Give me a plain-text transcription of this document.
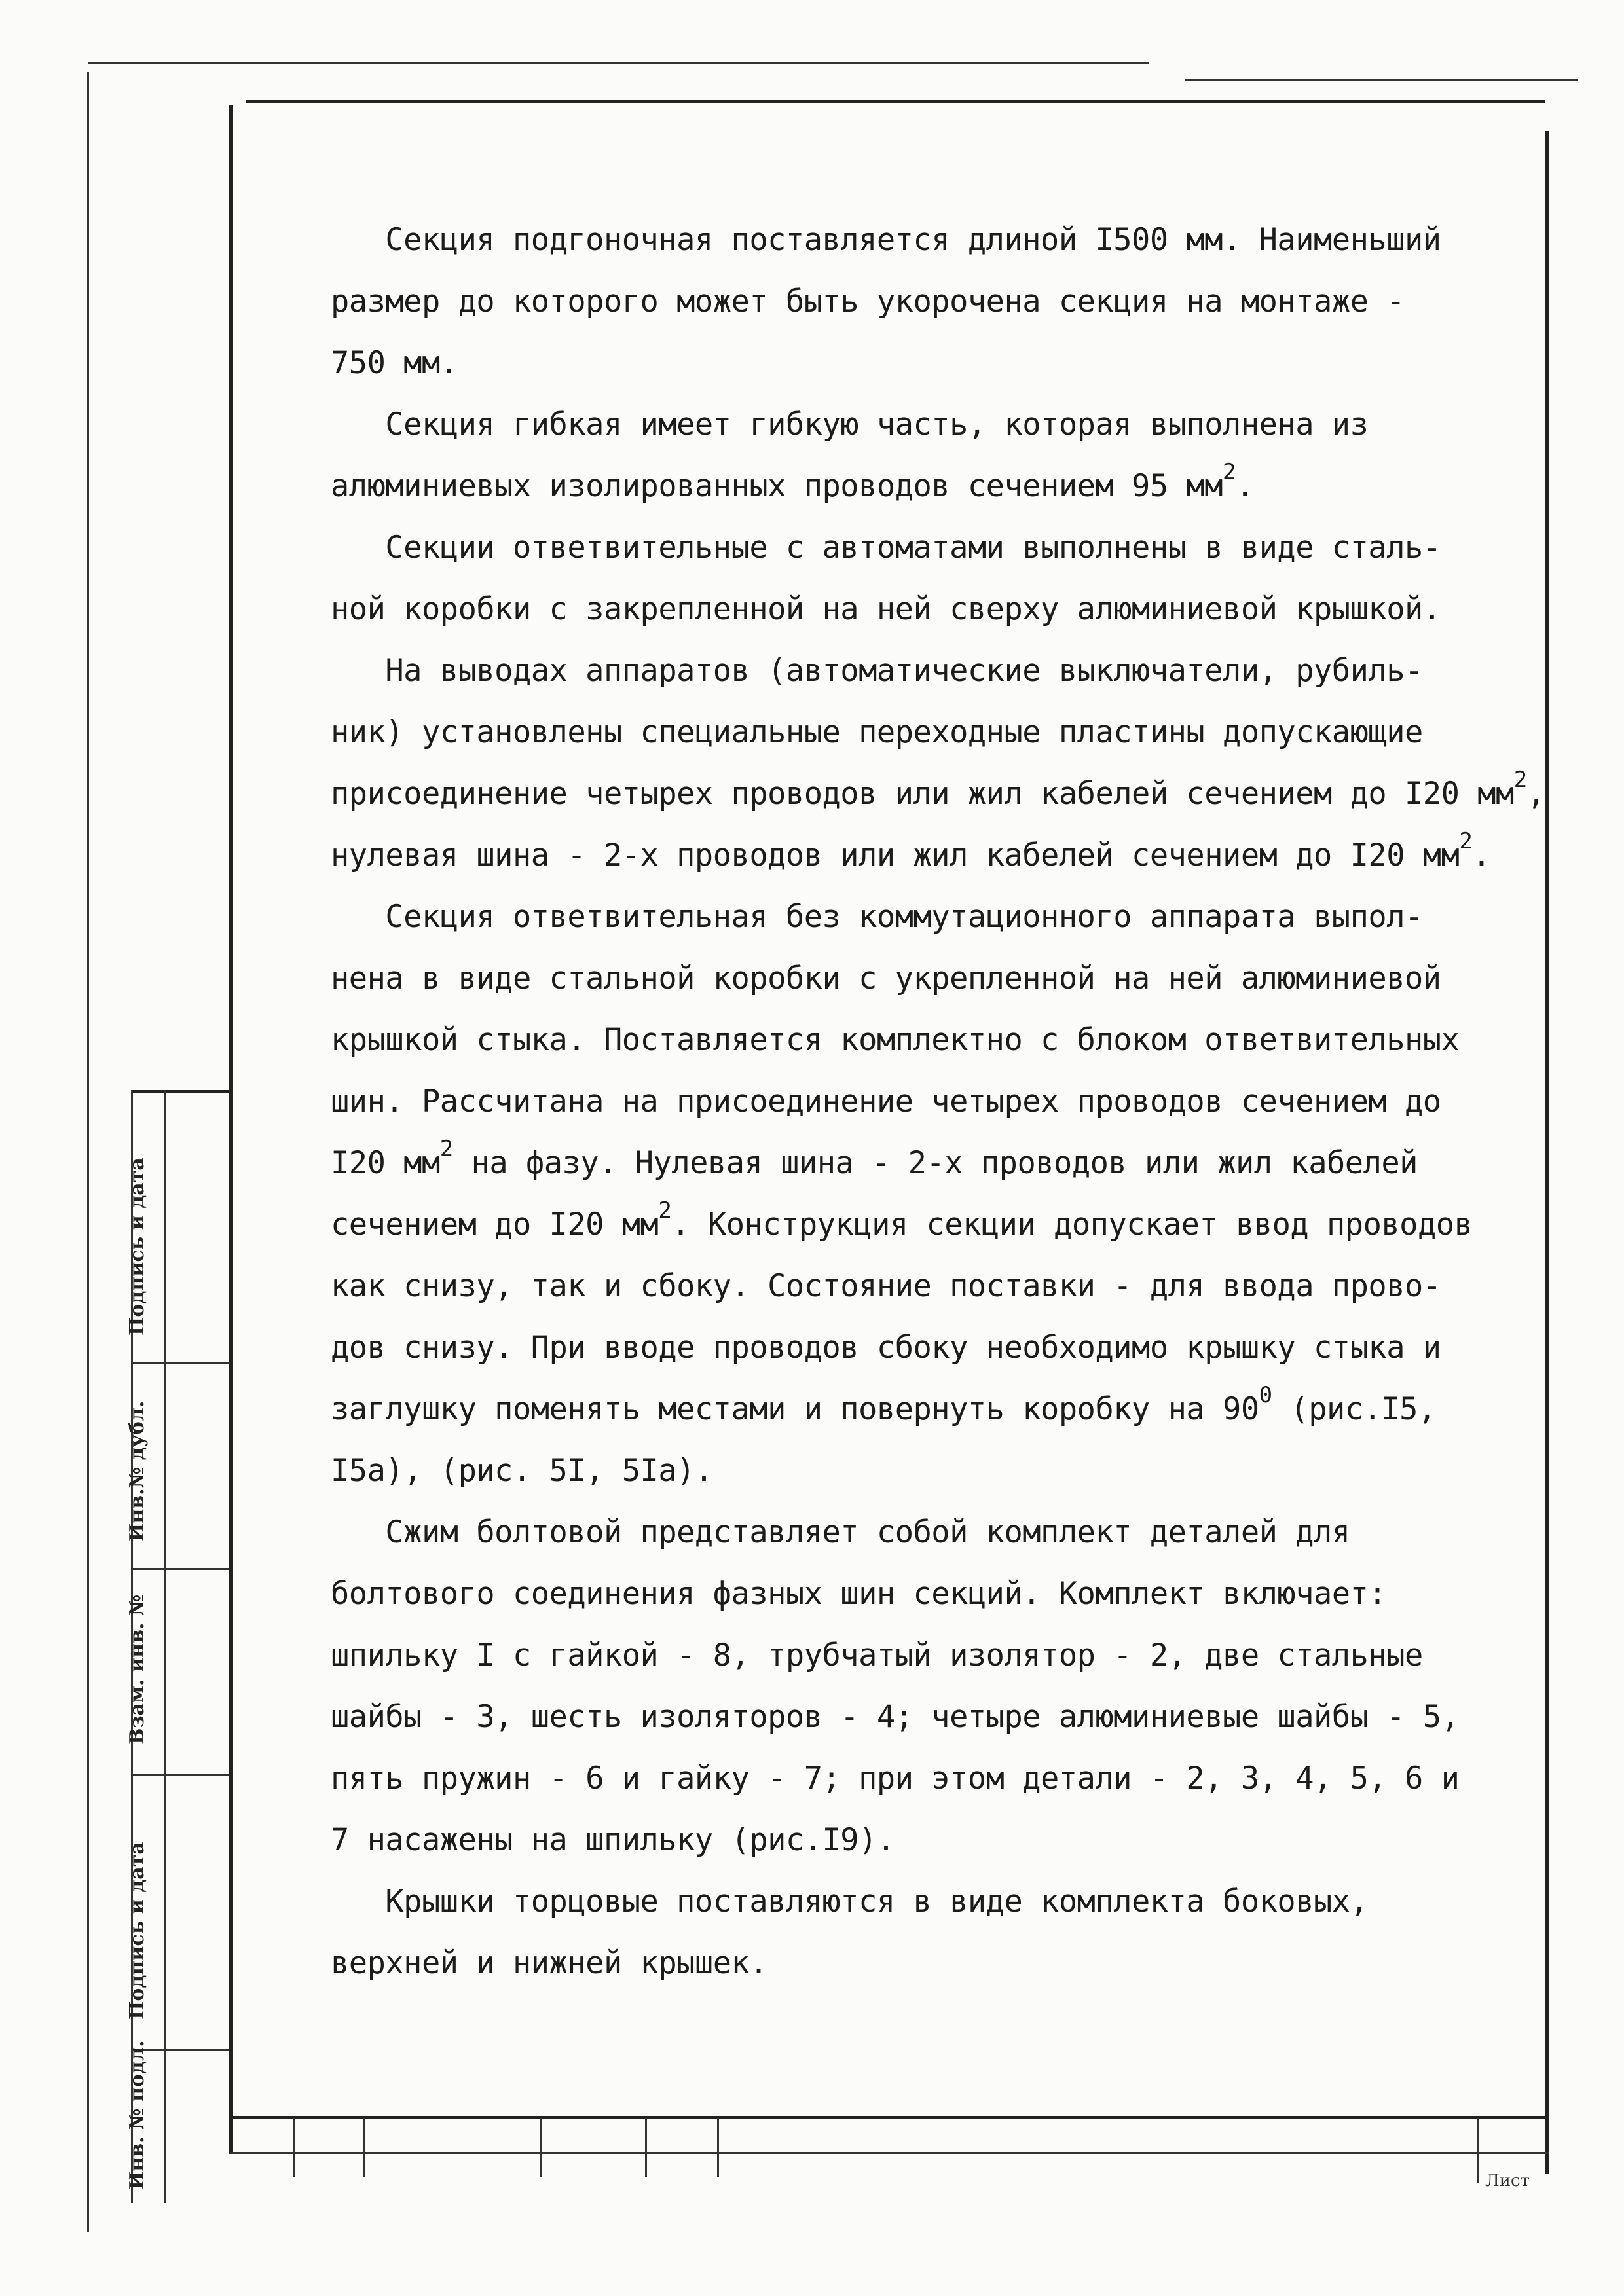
Подпись и дата
Инв.№ дубл.
Взам. инв. №
Подпись и дата
Инв. № подл.	Лист
Секция подгоночная поставляется длиной I500 мм. Наименьший
размер до которого может быть укорочена секция на монтаже -
750 мм.
Секция гибкая имеет гибкую часть, которая выполнена из
алюминиевых изолированных проводов сечением 95 $мм^2$.
Секции ответвительные с автоматами выполнены в виде сталь-
ной коробки с закрепленной на ней сверху алюминиевой крышкой.
На выводах аппаратов (автоматические выключатели, рубиль-
ник) установлены специальные переходные пластины допускающие
присоединение четырех проводов или жил кабелей сечением до I20 $мм^2$,
нулевая шина - 2-х проводов или жил кабелей сечением до I20 $мм^2$.
Секция ответвительная без коммутационного аппарата выпол-
нена в виде стальной коробки с укрепленной на ней алюминиевой
крышкой стыка. Поставляется комплектно с блоком ответвительных
шин. Рассчитана на присоединение четырех проводов сечением до
I20 $мм^2$ на фазу. Нулевая шина - 2-х проводов или жил кабелей
сечением до I20 $мм^2$. Конструкция секции допускает ввод проводов
как снизу, так и сбоку. Состояние поставки - для ввода прово-
дов снизу. При вводе проводов сбоку необходимо крышку стыка и
заглушку поменять местами и повернуть коробку на $90^0$ (рис.I5,
I5а), (рис. 5I, 5Iа).
Сжим болтовой представляет собой комплект деталей для
болтового соединения фазных шин секций. Комплект включает:
шпильку I с гайкой - 8, трубчатый изолятор - 2, две стальные
шайбы - 3, шесть изоляторов - 4; четыре алюминиевые шайбы - 5,
пять пружин - 6 и гайку - 7; при этом детали - 2, 3, 4, 5, 6 и
7 насажены на шпильку (рис.I9).
Крышки торцовые поставляются в виде комплекта боковых,
верхней и нижней крышек.
